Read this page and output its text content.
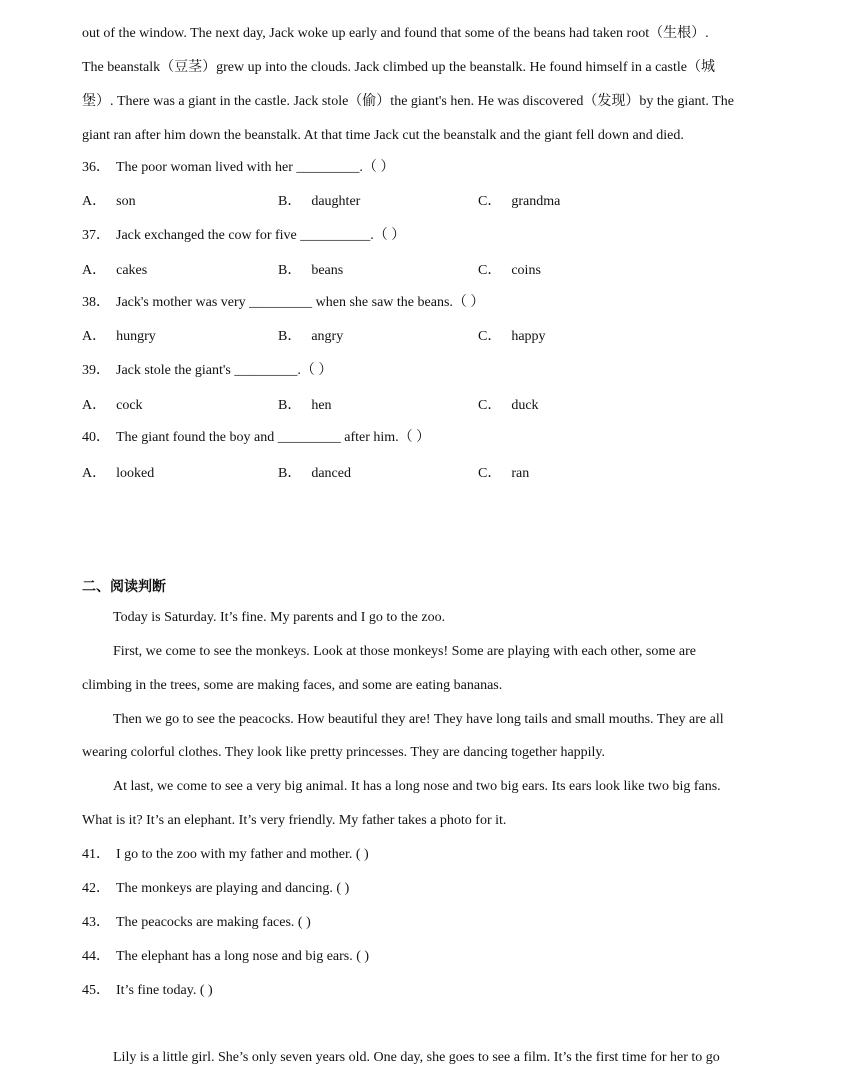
out of the window. The next day, Jack woke up early and found that some of the beans had taken root（生根）.
The beanstalk（豆茎）grew up into the clouds. Jack climbed up the beanstalk. He found himself in a castle（城
堡）. There was a giant in the castle. Jack stole（偷）the giant's hen. He was discovered（发现）by the giant. The
giant ran after him down the beanstalk. At that time Jack cut the beanstalk and the giant fell down and died.
36． The poor woman lived with her _________.（ ）
A． son	B． daughter	C． grandma
37． Jack exchanged the cow for five __________.（ ）
A． cakes	B． beans	C． coins
38． Jack's mother was very _________ when she saw the beans.（ ）
A． hungry	B． angry	C． happy
39． Jack stole the giant's _________.（ ）
A． cock	B． hen	C． duck
40． The giant found the boy and _________ after him.（ ）
A． looked	B． danced	C． ran
二、阅读判断
Today is Saturday. It’s fine. My parents and I go to the zoo.
First, we come to see the monkeys. Look at those monkeys! Some are playing with each other, some are
climbing in the trees, some are making faces, and some are eating bananas.
Then we go to see the peacocks. How beautiful they are! They have long tails and small mouths. They are all
wearing colorful clothes. They look like pretty princesses. They are dancing together happily.
At last, we come to see a very big animal. It has a long nose and two big ears. Its ears look like two big fans.
What is it? It’s an elephant. It’s very friendly. My father takes a photo for it.
41． I go to the zoo with my father and mother. ( )
42． The monkeys are playing and dancing. ( )
43． The peacocks are making faces. ( )
44． The elephant has a long nose and big ears. ( )
45． It’s fine today. ( )
Lily is a little girl. She’s only seven years old. One day, she goes to see a film. It’s the first time for her to go
